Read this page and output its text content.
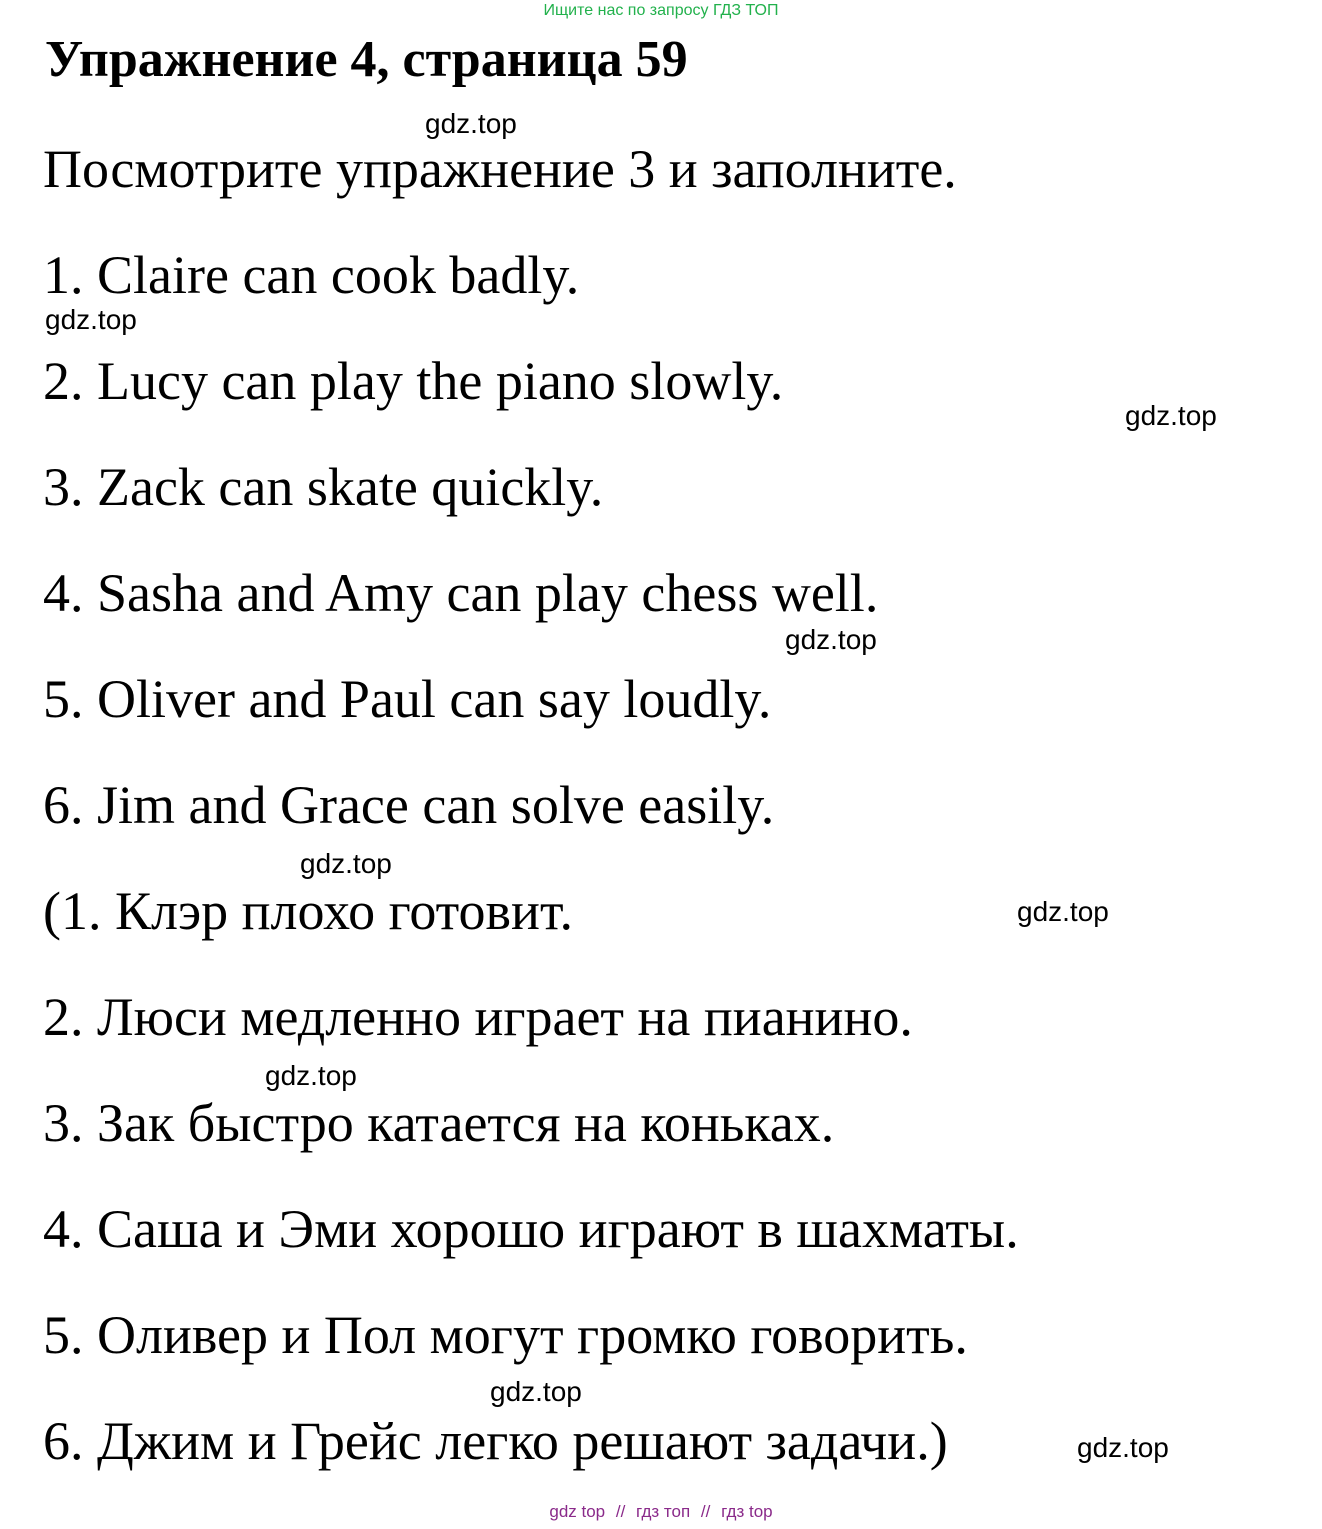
Ищите нас по запросу ГДЗ ТОП
Упражнение 4, страница 59
Посмотрите упражнение 3 и заполните.
1. Claire can cook badly.
2. Lucy can play the piano slowly.
3. Zack can skate quickly.
4. Sasha and Amy can play chess well.
5. Oliver and Paul can say loudly.
6. Jim and Grace can solve easily.
(1. Клэр плохо готовит.
2. Люси медленно играет на пианино.
3. Зак быстро катается на коньках.
4. Саша и Эми хорошо играют в шахматы.
5. Оливер и Пол могут громко говорить.
6. Джим и Грейс легко решают задачи.)
gdz.top
gdz.top
gdz.top
gdz.top
gdz.top
gdz.top
gdz.top
gdz.top
gdz.top
gdz top // гдз топ // гдз top
